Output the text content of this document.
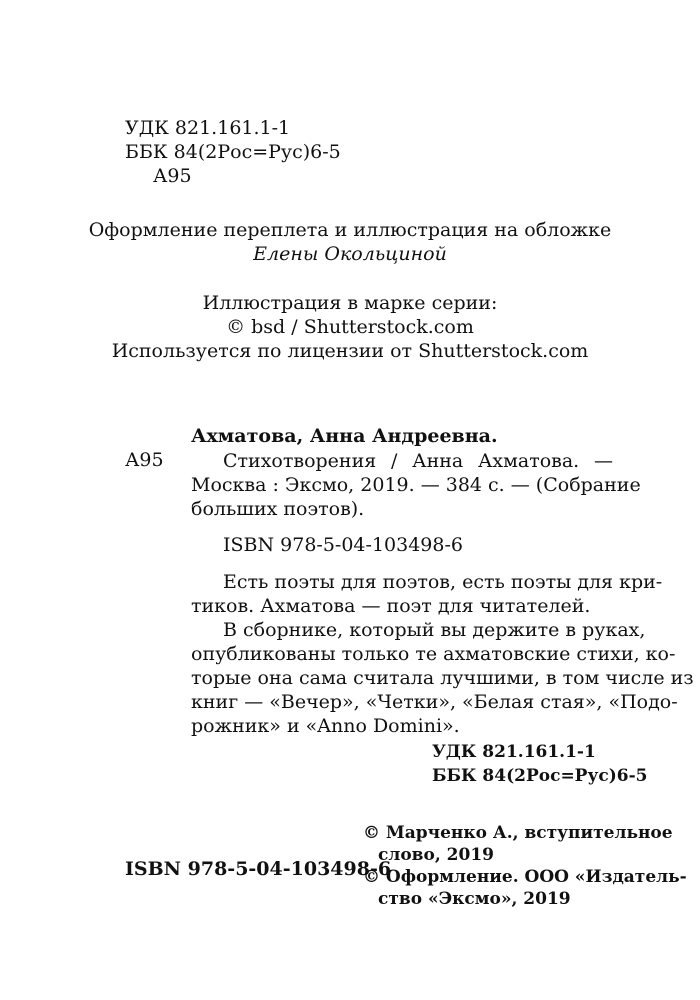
УДК 821.161.1-1
ББК 84(2Рос=Рус)6-5
А95
Оформление переплета и иллюстрация на обложке
Елены Окольциной
Иллюстрация в марке серии:
© bsd / Shutterstock.com
Используется по лицензии от Shutterstock.com
Ахматова, Анна Андреевна.
А95	Стихотворения / Анна Ахматова. —
Москва : Эксмо, 2019. — 384 с. — (Собрание
больших поэтов).
ISBN 978-5-04-103498-6
Есть поэты для поэтов, есть поэты для кри-
тиков. Ахматова — поэт для читателей.
В сборнике, который вы держите в руках,
опубликованы только те ахматовские стихи, ко-
торые она сама считала лучшими, в том числе из
книг — «Вечер», «Четки», «Белая стая», «Подо-
рожник» и «Anno Domini».
УДК 821.161.1-1
ББК 84(2Рос=Рус)6-5
© Марченко А., вступительное
слово, 2019
ISBN 978-5-04-103498-6
© Оформление. ООО «Издатель-
ство «Эксмо», 2019
